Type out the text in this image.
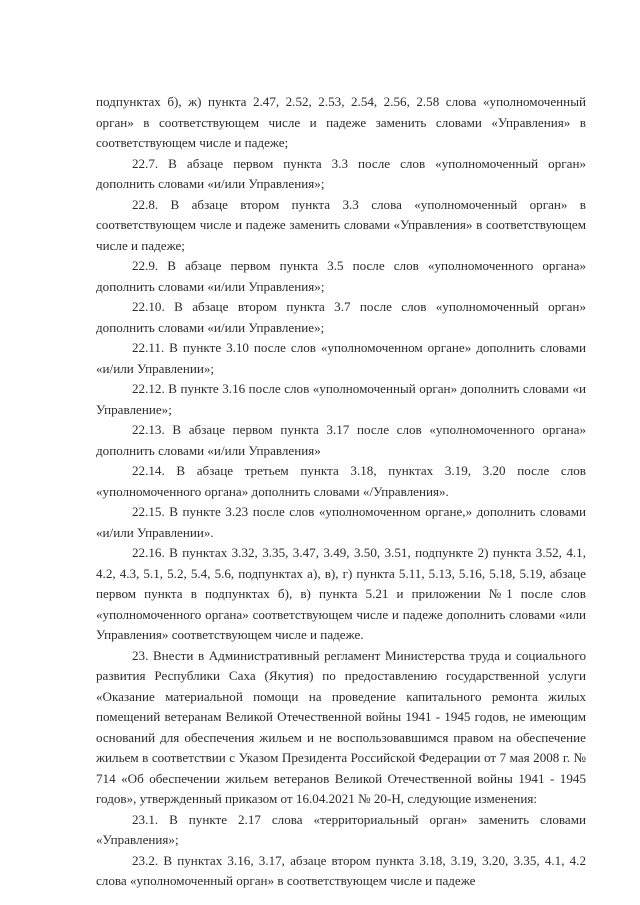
подпунктах б), ж) пункта 2.47, 2.52, 2.53, 2.54, 2.56, 2.58 слова «уполномоченный орган» в соответствующем числе и падеже заменить словами «Управления» в соответствующем числе и падеже;

22.7. В абзаце первом пункта 3.3 после слов «уполномоченный орган» дополнить словами «и/или Управления»;

22.8. В абзаце втором пункта 3.3 слова «уполномоченный орган» в соответствующем числе и падеже заменить словами «Управления» в соответствующем числе и падеже;

22.9. В абзаце первом пункта 3.5 после слов «уполномоченного органа» дополнить словами «и/или Управления»;

22.10. В абзаце втором пункта 3.7 после слов «уполномоченный орган» дополнить словами «и/или Управление»;

22.11. В пункте 3.10 после слов «уполномоченном органе» дополнить словами «и/или Управлении»;

22.12. В пункте 3.16 после слов «уполномоченный орган» дополнить словами «и Управление»;

22.13. В абзаце первом пункта 3.17 после слов «уполномоченного органа» дополнить словами «и/или Управления»

22.14. В абзаце третьем пункта 3.18, пунктах 3.19, 3.20 после слов «уполномоченного органа» дополнить словами «/Управления».

22.15. В пункте 3.23 после слов «уполномоченном органе,» дополнить словами «и/или Управлении».

22.16. В пунктах 3.32, 3.35, 3.47, 3.49, 3.50, 3.51, подпункте 2) пункта 3.52, 4.1, 4.2, 4.3, 5.1, 5.2, 5.4, 5.6, подпунктах а), в), г) пункта 5.11, 5.13, 5.16, 5.18, 5.19, абзаце первом пункта в подпунктах б), в) пункта 5.21 и приложении №1 после слов «уполномоченного органа» соответствующем числе и падеже дополнить словами «или Управления» соответствующем числе и падеже.

23. Внести в Административный регламент Министерства труда и социального развития Республики Саха (Якутия) по предоставлению государственной услуги «Оказание материальной помощи на проведение капитального ремонта жилых помещений ветеранам Великой Отечественной войны 1941 - 1945 годов, не имеющим оснований для обеспечения жильем и не воспользовавшимся правом на обеспечение жильем в соответствии с Указом Президента Российской Федерации от 7 мая 2008 г. № 714 «Об обеспечении жильем ветеранов Великой Отечественной войны 1941 - 1945 годов», утвержденный приказом от 16.04.2021 № 20-Н, следующие изменения:

23.1. В пункте 2.17 слова «территориальный орган» заменить словами «Управления»;

23.2. В пунктах 3.16, 3.17, абзаце втором пункта 3.18, 3.19, 3.20, 3.35, 4.1, 4.2 слова «уполномоченный орган» в соответствующем числе и падеже
